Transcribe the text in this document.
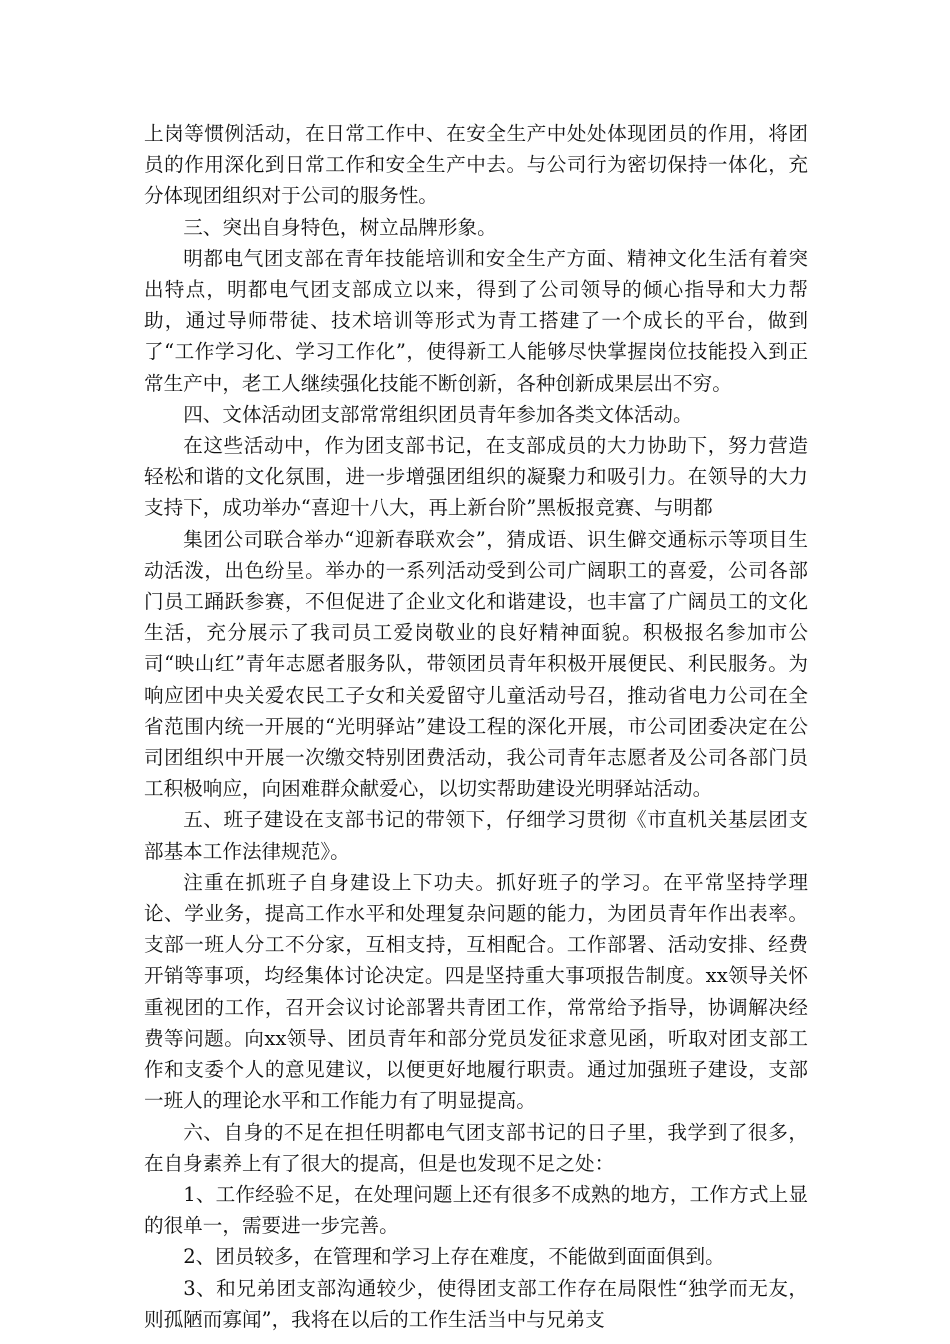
上岗等惯例活动，在日常工作中、在安全生产中处处体现团员的作用，将团员的作用深化到日常工作和安全生产中去。与公司行为密切保持一体化，充分体现团组织对于公司的服务性。

三、突出自身特色，树立品牌形象。

明都电气团支部在青年技能培训和安全生产方面、精神文化生活有着突出特点，明都电气团支部成立以来，得到了公司领导的倾心指导和大力帮助，通过导师带徒、技术培训等形式为青工搭建了一个成长的平台，做到了“工作学习化、学习工作化”，使得新工人能够尽快掌握岗位技能投入到正常生产中，老工人继续强化技能不断创新，各种创新成果层出不穷。

四、文体活动团支部常常组织团员青年参加各类文体活动。

在这些活动中，作为团支部书记，在支部成员的大力协助下，努力营造轻松和谐的文化氛围，进一步增强团组织的凝聚力和吸引力。在领导的大力支持下，成功举办“喜迎十八大，再上新台阶”黑板报竞赛、与明都

集团公司联合举办“迎新春联欢会”，猜成语、识生僻交通标示等项目生动活泼，出色纷呈。举办的一系列活动受到公司广阔职工的喜爱，公司各部门员工踊跃参赛，不但促进了企业文化和谐建设，也丰富了广阔员工的文化生活，充分展示了我司员工爱岗敬业的良好精神面貌。积极报名参加市公司“映山红”青年志愿者服务队，带领团员青年积极开展便民、利民服务。为响应团中央关爱农民工子女和关爱留守儿童活动号召，推动省电力公司在全省范围内统一开展的“光明驿站”建设工程的深化开展，市公司团委决定在公司团组织中开展一次缴交特别团费活动，我公司青年志愿者及公司各部门员工积极响应，向困难群众献爱心，以切实帮助建设光明驿站活动。

五、班子建设在支部书记的带领下，仔细学习贯彻《市直机关基层团支部基本工作法律规范》。

注重在抓班子自身建设上下功夫。抓好班子的学习。在平常坚持学理论、学业务，提高工作水平和处理复杂问题的能力，为团员青年作出表率。支部一班人分工不分家，互相支持，互相配合。工作部署、活动安排、经费开销等事项，均经集体讨论决定。四是坚持重大事项报告制度。xx领导关怀重视团的工作，召开会议讨论部署共青团工作，常常给予指导，协调解决经费等问题。向xx领导、团员青年和部分党员发征求意见函，听取对团支部工作和支委个人的意见建议，以便更好地履行职责。通过加强班子建设，支部一班人的理论水平和工作能力有了明显提高。

六、自身的不足在担任明都电气团支部书记的日子里，我学到了很多，在自身素养上有了很大的提高，但是也发现不足之处：

1、工作经验不足，在处理问题上还有很多不成熟的地方，工作方式上显的很单一，需要进一步完善。

2、团员较多，在管理和学习上存在难度，不能做到面面俱到。

3、和兄弟团支部沟通较少，使得团支部工作存在局限性“独学而无友，则孤陋而寡闻”，我将在以后的工作生活当中与兄弟支
